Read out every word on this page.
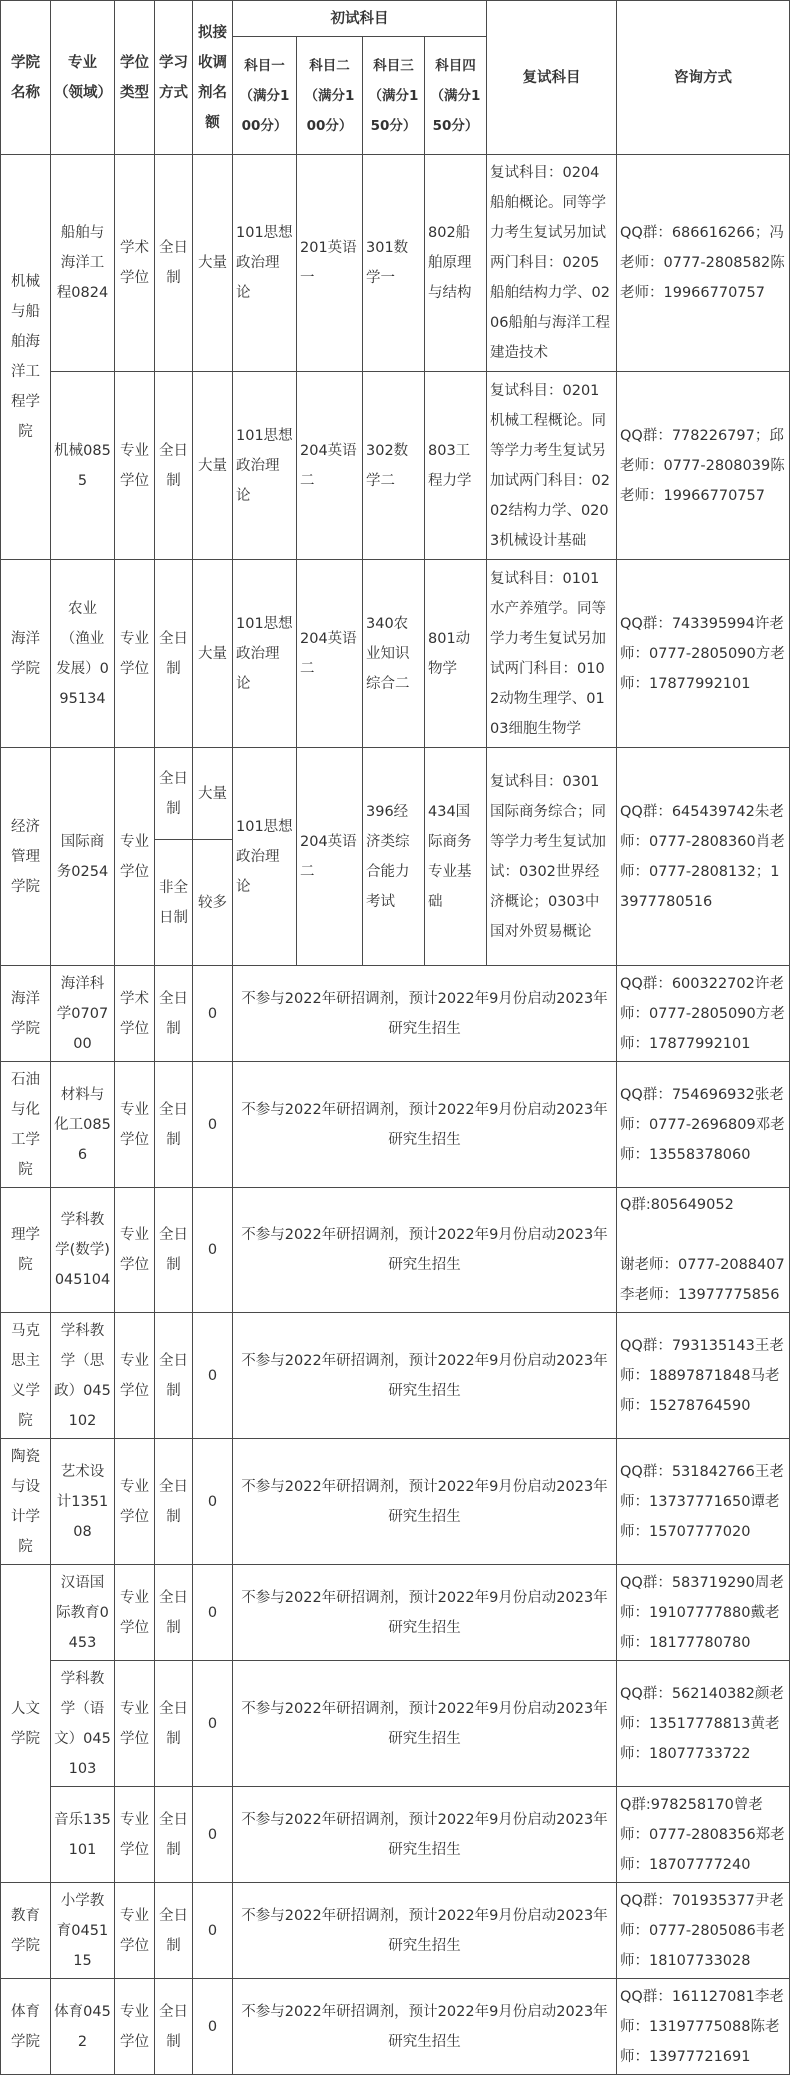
学院名称	专业（领域）	学位类型	学习方式	拟接收调剂名额	初试科目				复试科目	咨询方式
					科目一（满分100分）	科目二（满分100分）	科目三（满分150分）	科目四（满分150分）		
机械与船舶海洋工程学院	船舶与海洋工程0824	学术学位	全日制	大量	101思想政治理论	201英语一	301数学一	802船舶原理与结构	复试科目：0204船舶概论。同等学力考生复试另加试两门科目：0205船舶结构力学、0206船舶与海洋工程建造技术	QQ群：686616266；冯老师：0777-2808582陈老师：19966770757
	机械0855	专业学位	全日制	大量	101思想政治理论	204英语二	302数学二	803工程力学	复试科目：0201机械工程概论。同等学力考生复试另加试两门科目：0202结构力学、0203机械设计基础	QQ群：778226797；邱老师：0777-2808039陈老师：19966770757
海洋学院	农业（渔业发展）095134	专业学位	全日制	大量	101思想政治理论	204英语二	340农业知识综合二	801动物学	复试科目：0101水产养殖学。同等学力考生复试另加试两门科目：0102动物生理学、0103细胞生物学	QQ群：743395994许老师：0777-2805090方老师：17877992101
经济管理学院	国际商务0254	专业学位	全日制	大量	101思想政治理论	204英语二	396经济类综合能力考试	434国际商务专业基础	复试科目：0301国际商务综合；同等学力考生复试加试：0302世界经济概论；0303中国对外贸易概论	QQ群：645439742朱老师：0777-2808360肖老师：0777-2808132；13977780516
			非全日制	较多						
海洋学院	海洋科学070700	学术学位	全日制	0	不参与2022年研招调剂，预计2022年9月份启动2023年研究生招生					QQ群：600322702许老师：0777-2805090方老师：17877992101
石油与化工学院	材料与化工0856	专业学位	全日制	0	不参与2022年研招调剂，预计2022年9月份启动2023年研究生招生					QQ群：754696932张老师：0777-2696809邓老师：13558378060
理学院	学科教学(数学)045104	专业学位	全日制	0	不参与2022年研招调剂，预计2022年9月份启动2023年研究生招生					Q群:805649052

谢老师：0777-2088407
李老师：13977775856

马克思主义学院	学科教学（思政）045102	专业学位	全日制	0	不参与2022年研招调剂，预计2022年9月份启动2023年研究生招生					QQ群：793135143王老师：18897871848马老师：15278764590
陶瓷与设计学院	艺术设计135108	专业学位	全日制	0	不参与2022年研招调剂，预计2022年9月份启动2023年研究生招生					QQ群：531842766王老师：13737771650谭老师：15707777020
人文学院	汉语国际教育0453	专业学位	全日制	0	不参与2022年研招调剂，预计2022年9月份启动2023年研究生招生					QQ群：583719290周老师：19107777880戴老师：18177780780
	学科教学（语文）045103	专业学位	全日制	0	不参与2022年研招调剂，预计2022年9月份启动2023年研究生招生					QQ群：562140382颜老师：13517778813黄老师：18077733722
	音乐135101	专业学位	全日制	0	不参与2022年研招调剂，预计2022年9月份启动2023年研究生招生					Q群:978258170曾老师：0777-2808356郑老师：18707777240
教育学院	小学教育045115	专业学位	全日制	0	不参与2022年研招调剂，预计2022年9月份启动2023年研究生招生					QQ群：701935377尹老师：0777-2805086韦老师：18107733028
体育学院	体育0452	专业学位	全日制	0	不参与2022年研招调剂，预计2022年9月份启动2023年研究生招生					QQ群：161127081李老师：13197775088陈老师：13977721691
